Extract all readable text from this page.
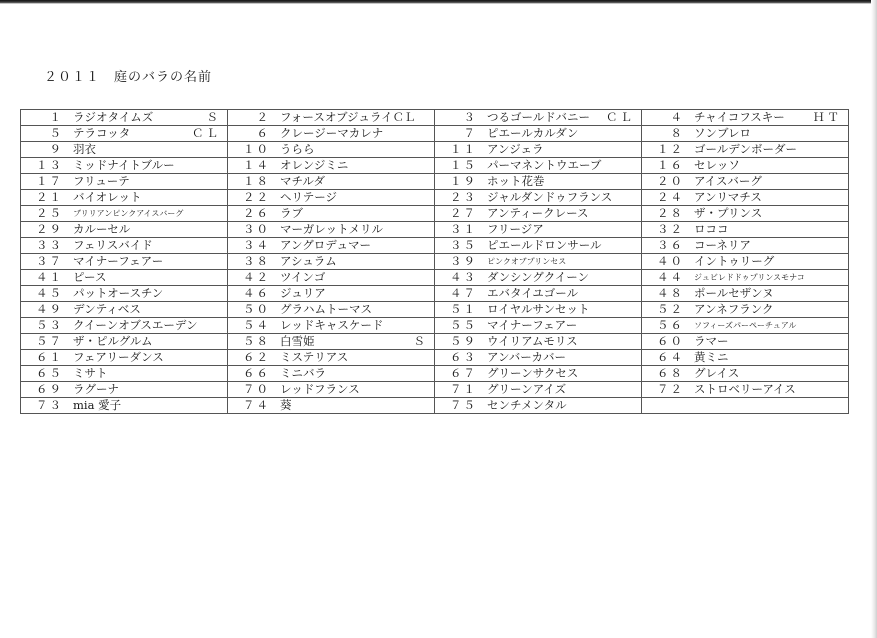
２０１１　庭のバラの名前
１ ラジオタイムズ Ｓ	２ フォースオブジュライＣＬ	３ つるゴールドバニー ＣＬ	４ チャイコフスキー ＨＴ

５ テラコッタ ＣＬ	６ クレージーマカレナ	７ ピエールカルダン	８ ソンブレロ

９ 羽衣	１０ うらら	１１ アンジェラ	１２ ゴールデンボーダー

１３ ミッドナイトブルー	１４ オレンジミニ	１５ パーマネントウエーブ	１６ セレッソ

１７ フリューテ	１８ マチルダ	１９ ホット花巻	２０ アイスバーグ

２１ バイオレット	２２ ヘリテージ	２３ ジャルダンドゥフランス	２４ アンリマチス

２５ ブリリアンピンクアイスバーグ	２６ ラブ	２７ アンティークレース	２８ ザ・プリンス

２９ カルーセル	３０ マーガレットメリル	３１ フリージア	３２ ロココ

３３ フェリスバイド	３４ アングロデュマー	３５ ピエールドロンサール	３６ コーネリア

３７ マイナーフェアー	３８ アシュラム	３９ ピンクオブプリンセス	４０ イントゥリーグ

４１ ピース	４２ ツインゴ	４３ ダンシングクイーン	４４ ジュビレドドゥプリンスモナコ

４５ パットオースチン	４６ ジュリア	４７ エバタイユゴール	４８ ポールセザンヌ

４９ デンティベス	５０ グラハムトーマス	５１ ロイヤルサンセット	５２ アンネフランク

５３ クイーンオブスエーデン	５４ レッドキャスケード	５５ マイナーフェアー	５６ ソフィーズパーペーチュアル

５７ ザ・ピルグルム	５８ 白雪姫 Ｓ	５９ ウイリアムモリス	６０ ラマー

６１ フェアリーダンス	６２ ミステリアス	６３ アンバーカバー	６４ 黄ミニ

６５ ミサト	６６ ミニバラ	６７ グリーンサクセス	６８ グレイス

６９ ラグーナ	７０ レッドフランス	７１ グリーンアイズ	７２ ストロベリーアイス

７３ mia 愛子	７４ 葵	７５ センチメンタル	
